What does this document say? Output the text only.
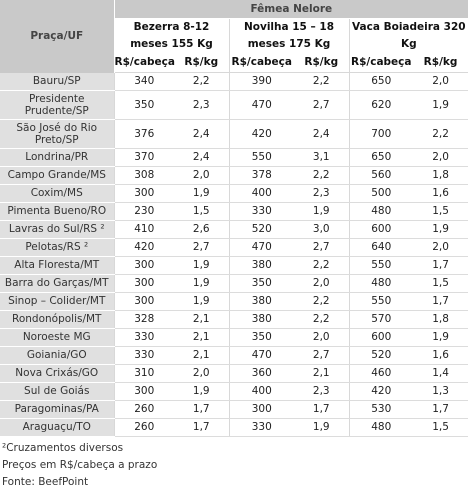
Praça/UF	Fêmea Nelore					
	Bezerra 8-12 meses 155 Kg		Novilha 15 – 18 meses 175 Kg		Vaca Boiadeira 320 Kg	
	R$/cabeça	R$/kg	R$/cabeça	R$/kg	R$/cabeça	R$/kg
Bauru/SP	340	2,2	390	2,2	650	2,0
Presidente Prudente/SP	350	2,3	470	2,7	620	1,9
São José do Rio Preto/SP	376	2,4	420	2,4	700	2,2
Londrina/PR	370	2,4	550	3,1	650	2,0
Campo Grande/MS	308	2,0	378	2,2	560	1,8
Coxim/MS	300	1,9	400	2,3	500	1,6
Pimenta Bueno/RO	230	1,5	330	1,9	480	1,5
Lavras do Sul/RS ²	410	2,6	520	3,0	600	1,9
Pelotas/RS ²	420	2,7	470	2,7	640	2,0
Alta Floresta/MT	300	1,9	380	2,2	550	1,7
Barra do Garças/MT	300	1,9	350	2,0	480	1,5
Sinop – Colider/MT	300	1,9	380	2,2	550	1,7
Rondonópolis/MT	328	2,1	380	2,2	570	1,8
Noroeste MG	330	2,1	350	2,0	600	1,9
Goiania/GO	330	2,1	470	2,7	520	1,6
Nova Crixás/GO	310	2,0	360	2,1	460	1,4
Sul de Goiás	300	1,9	400	2,3	420	1,3
Paragominas/PA	260	1,7	300	1,7	530	1,7
Araguaçu/TO	260	1,7	330	1,9	480	1,5
²Cruzamentos diversos
Preços em R$/cabeça a prazo
Fonte: BeefPoint
